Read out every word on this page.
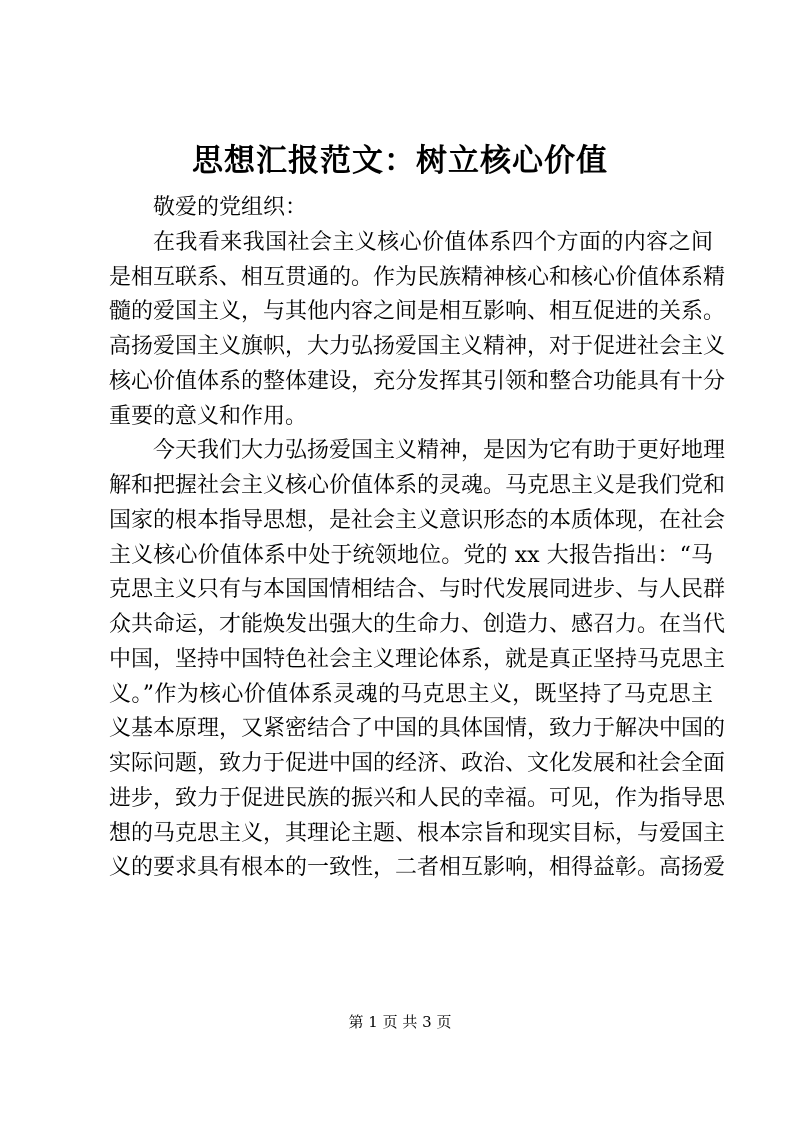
思想汇报范文：树立核心价值
敬爱的党组织：
在我看来我国社会主义核心价值体系四个方面的内容之间
是相互联系、相互贯通的。作为民族精神核心和核心价值体系精
髓的爱国主义，与其他内容之间是相互影响、相互促进的关系。
高扬爱国主义旗帜，大力弘扬爱国主义精神，对于促进社会主义
核心价值体系的整体建设，充分发挥其引领和整合功能具有十分
重要的意义和作用。
今天我们大力弘扬爱国主义精神，是因为它有助于更好地理
解和把握社会主义核心价值体系的灵魂。马克思主义是我们党和
国家的根本指导思想，是社会主义意识形态的本质体现，在社会
主义核心价值体系中处于统领地位。党的 xx 大报告指出：“马
克思主义只有与本国国情相结合、与时代发展同进步、与人民群
众共命运，才能焕发出强大的生命力、创造力、感召力。在当代
中国，坚持中国特色社会主义理论体系，就是真正坚持马克思主
义。”作为核心价值体系灵魂的马克思主义，既坚持了马克思主
义基本原理，又紧密结合了中国的具体国情，致力于解决中国的
实际问题，致力于促进中国的经济、政治、文化发展和社会全面
进步，致力于促进民族的振兴和人民的幸福。可见，作为指导思
想的马克思主义，其理论主题、根本宗旨和现实目标，与爱国主
义的要求具有根本的一致性，二者相互影响，相得益彰。高扬爱
第 1 页 共 3 页
